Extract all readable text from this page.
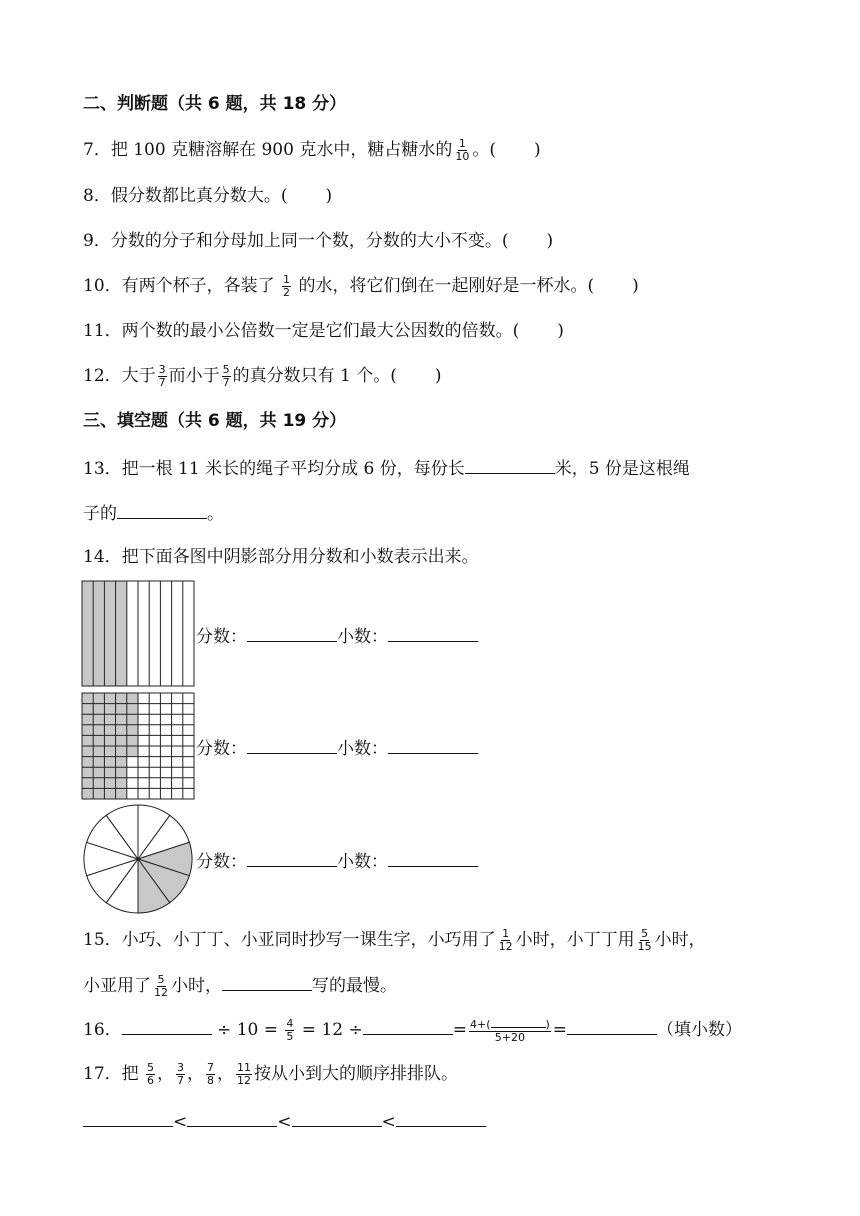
二、判断题（共 6 题，共 18 分）
7．把 100 克糖溶解在 900 克水中，糖占糖水的 $\frac{1}{10}$ 。( )
8．假分数都比真分数大。( )
9．分数的分子和分母加上同一个数，分数的大小不变。( )
10．有两个杯子，各装了 $\frac{1}{2}$ 的水，将它们倒在一起刚好是一杯水。( )
11．两个数的最小公倍数一定是它们最大公因数的倍数。( )
12．大于 $\frac{3}{7}$ 而小于 $\frac{5}{7}$ 的真分数只有 1 个。( )
三、填空题（共 6 题，共 19 分）
13．把一根 11 米长的绳子平均分成 6 份，每份长	米，5 份是这根绳
子的	。
14．把下面各图中阴影部分用分数和小数表示出来。
分数：	小数：
分数：	小数：
分数：	小数：
15．小巧、小丁丁、小亚同时抄写一课生字，小巧用了 $\frac{1}{12}$ 小时，小丁丁用 $\frac{5}{15}$ 小时，
小亚用了 $\frac{5}{12}$ 小时，	写的最慢。
16．	÷ $10 = \frac{4}{5} = 12$ ÷	= 4+(	)
5+20 =	（填小数）
17．把 $\frac{5}{6}$ ， $\frac{3}{7}$ ， $\frac{7}{8}$ ， $\frac{11}{12}$ 按从小到大的顺序排排队。
<	<	<
